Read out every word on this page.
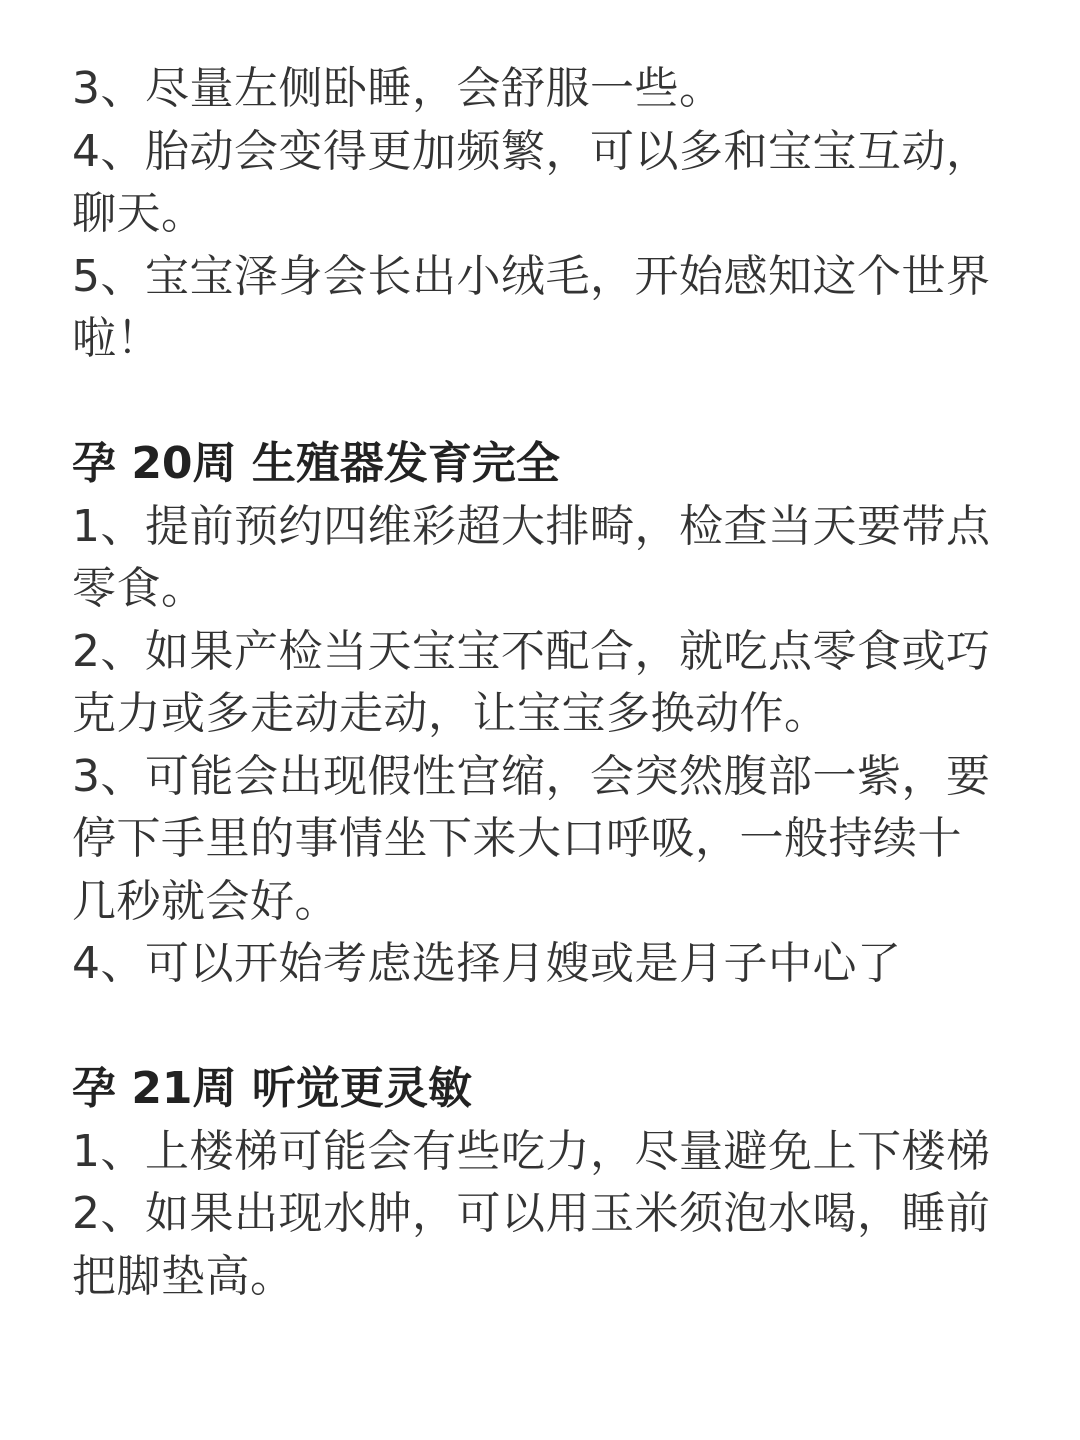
3、尽量左侧卧睡，会舒服一些。
4、胎动会变得更加频繁，可以多和宝宝互动，
聊天。
5、宝宝泽身会长出小绒毛，开始感知这个世界
啦！
孕 20周 生殖器发育完全
1、提前预约四维彩超大排畸，检查当天要带点
零食。
2、如果产检当天宝宝不配合，就吃点零食或巧
克力或多走动走动，让宝宝多换动作。
3、可能会出现假性宫缩，会突然腹部一紫，要
停下手里的事情坐下来大口呼吸，一般持续十
几秒就会好。
4、可以开始考虑选择月嫂或是月子中心了
孕 21周 听觉更灵敏
1、上楼梯可能会有些吃力，尽量避免上下楼梯
2、如果出现水肿，可以用玉米须泡水喝，睡前
把脚垫高。
